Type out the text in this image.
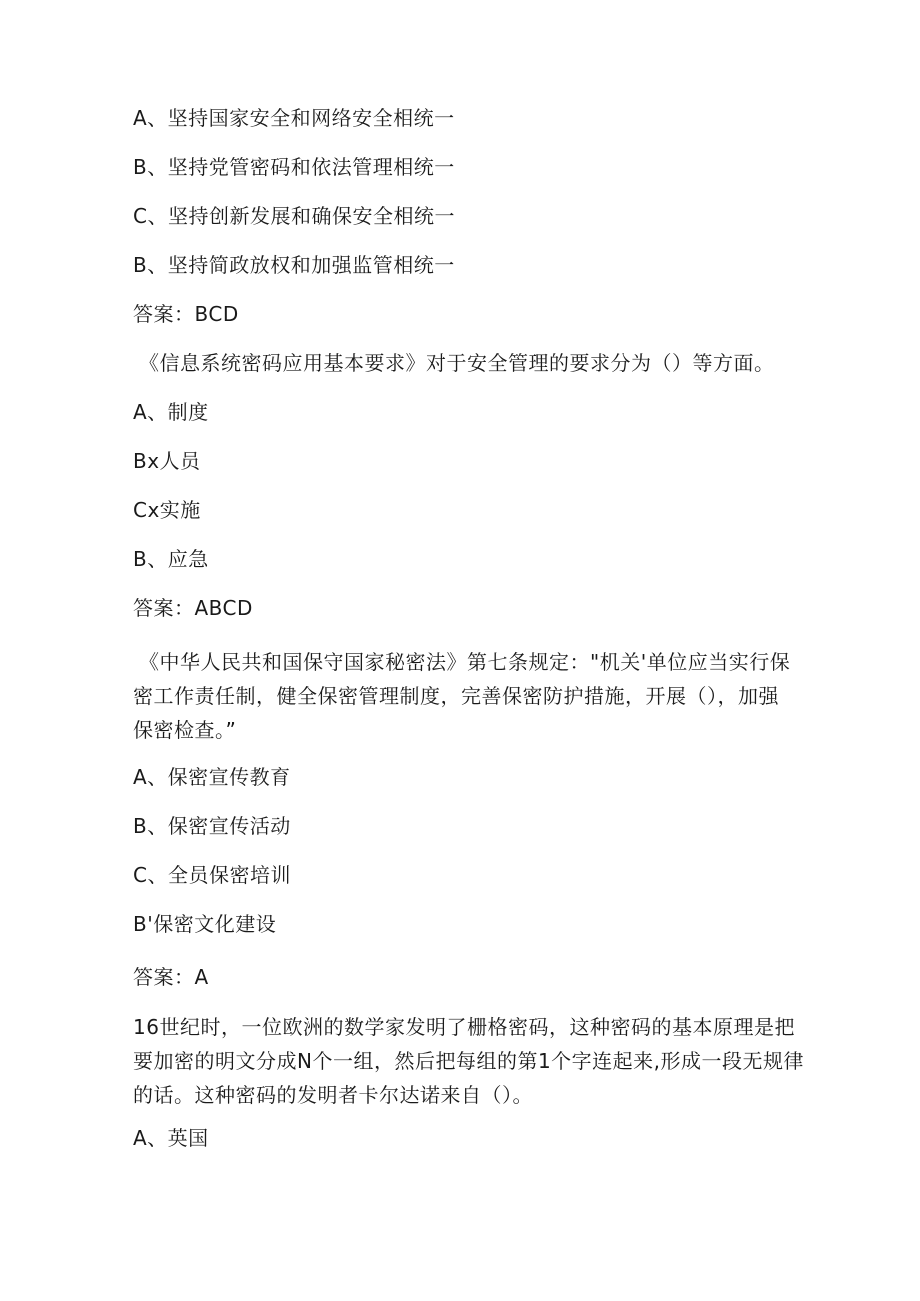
A、坚持国家安全和网络安全相统一
B、坚持党管密码和依法管理相统一
C、坚持创新发展和确保安全相统一
B、坚持简政放权和加强监管相统一
答案：BCD
《信息系统密码应用基本要求》对于安全管理的要求分为（）等方面。
A、制度
Bx人员
Cx实施
B、应急
答案：ABCD
《中华人民共和国保守国家秘密法》第七条规定："机关'单位应当实行保
密工作责任制，健全保密管理制度，完善保密防护措施，开展（），加强
保密检查。”
A、保密宣传教育
B、保密宣传活动
C、全员保密培训
B'保密文化建设
答案：A
16世纪时，一位欧洲的数学家发明了栅格密码，这种密码的基本原理是把
要加密的明文分成N个一组，然后把每组的第1个字连起来,形成一段无规律
的话。这种密码的发明者卡尔达诺来自（）。
A、英国
